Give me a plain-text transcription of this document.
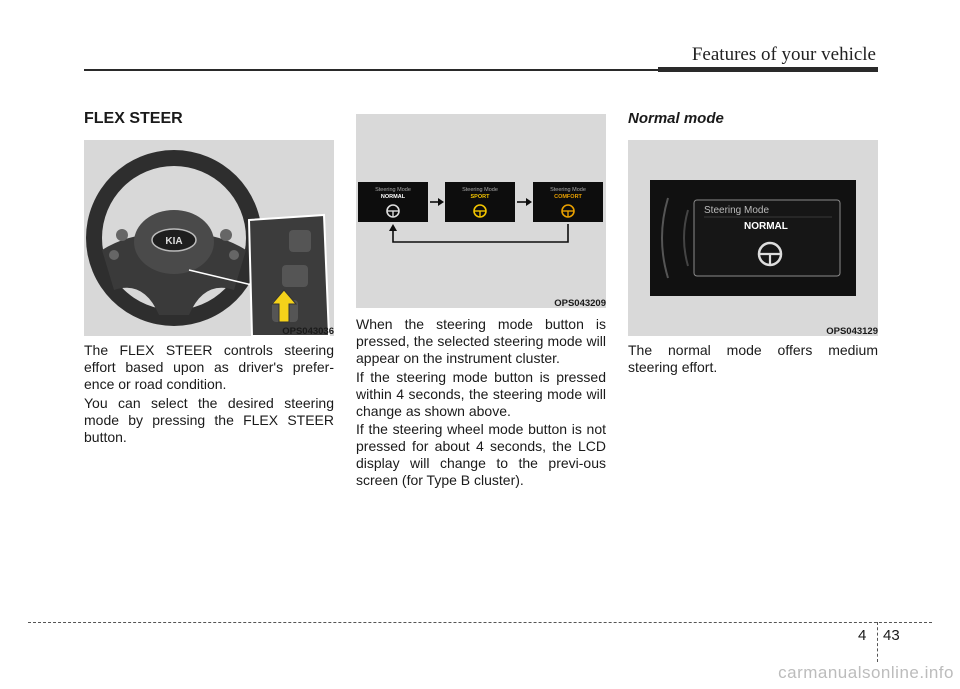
Features of your vehicle
FLEX STEER	Normal mode
KIA
OPS043036

The FLEX STEER controls steering effort based upon as driver's prefer-ence or road condition.

You can select the desired steering mode by pressing the FLEX STEER button.

Steering Mode
NORMAL
Steering Mode
SPORT
Steering Mode
COMFORT
OPS043209

When the steering mode button is pressed, the selected steering mode will appear on the instrument cluster.

If the steering mode button is pressed within 4 seconds, the steering mode will change as shown above.

If the steering wheel mode button is not pressed for about 4 seconds, the LCD display will change to the previ-ous screen (for Type B cluster).

Steering Mode
NORMAL
OPS043129

The normal mode offers medium steering effort.

4 43
carmanualsonline.info
